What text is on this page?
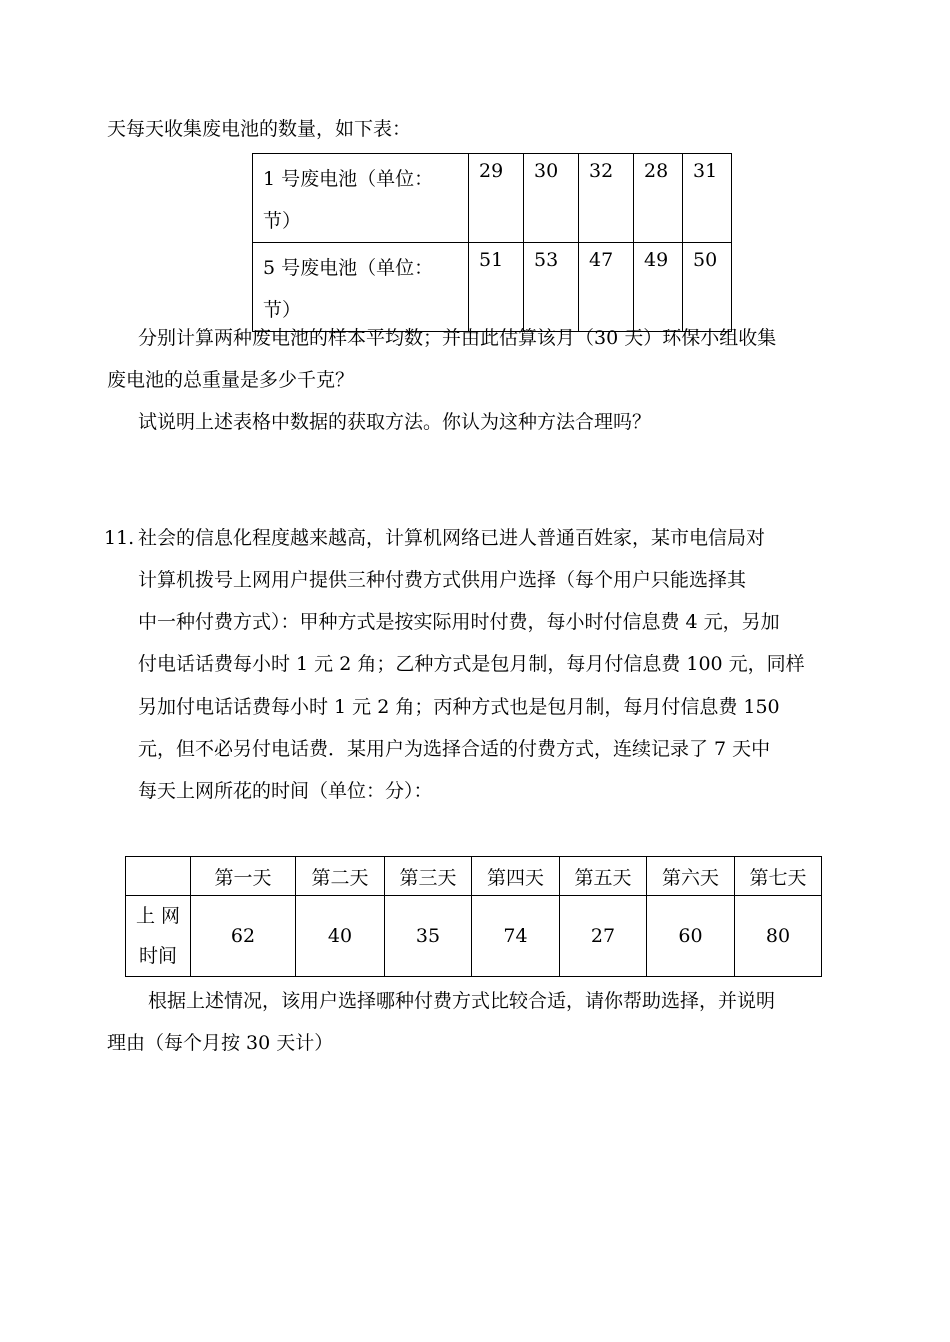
天每天收集废电池的数量，如下表：
1 号废电池（单位：
节）	29	30	32	28	31
5 号废电池（单位：
节）	51	53	47	49	50
分别计算两种废电池的样本平均数；并由此估算该月（30 天）环保小组收集
废电池的总重量是多少千克？
试说明上述表格中数据的获取方法。你认为这种方法合理吗？
11. 社会的信息化程度越来越高，计算机网络已进人普通百姓家，某市电信局对
计算机拨号上网用户提供三种付费方式供用户选择（每个用户只能选择其
中一种付费方式）：甲种方式是按实际用时付费，每小时付信息费 4 元，另加
付电话话费每小时 1 元 2 角；乙种方式是包月制，每月付信息费 100 元，同样
另加付电话话费每小时 1 元 2 角；丙种方式也是包月制，每月付信息费 150
元，但不必另付电话费．某用户为选择合适的付费方式，连续记录了 7 天中
每天上网所花的时间（单位：分）：
	第一天	第二天	第三天	第四天	第五天	第六天	第七天
上 网
时间	62	40	35	74	27	60	80
根据上述情况，该用户选择哪种付费方式比较合适，请你帮助选择，并说明
理由（每个月按 30 天计）
